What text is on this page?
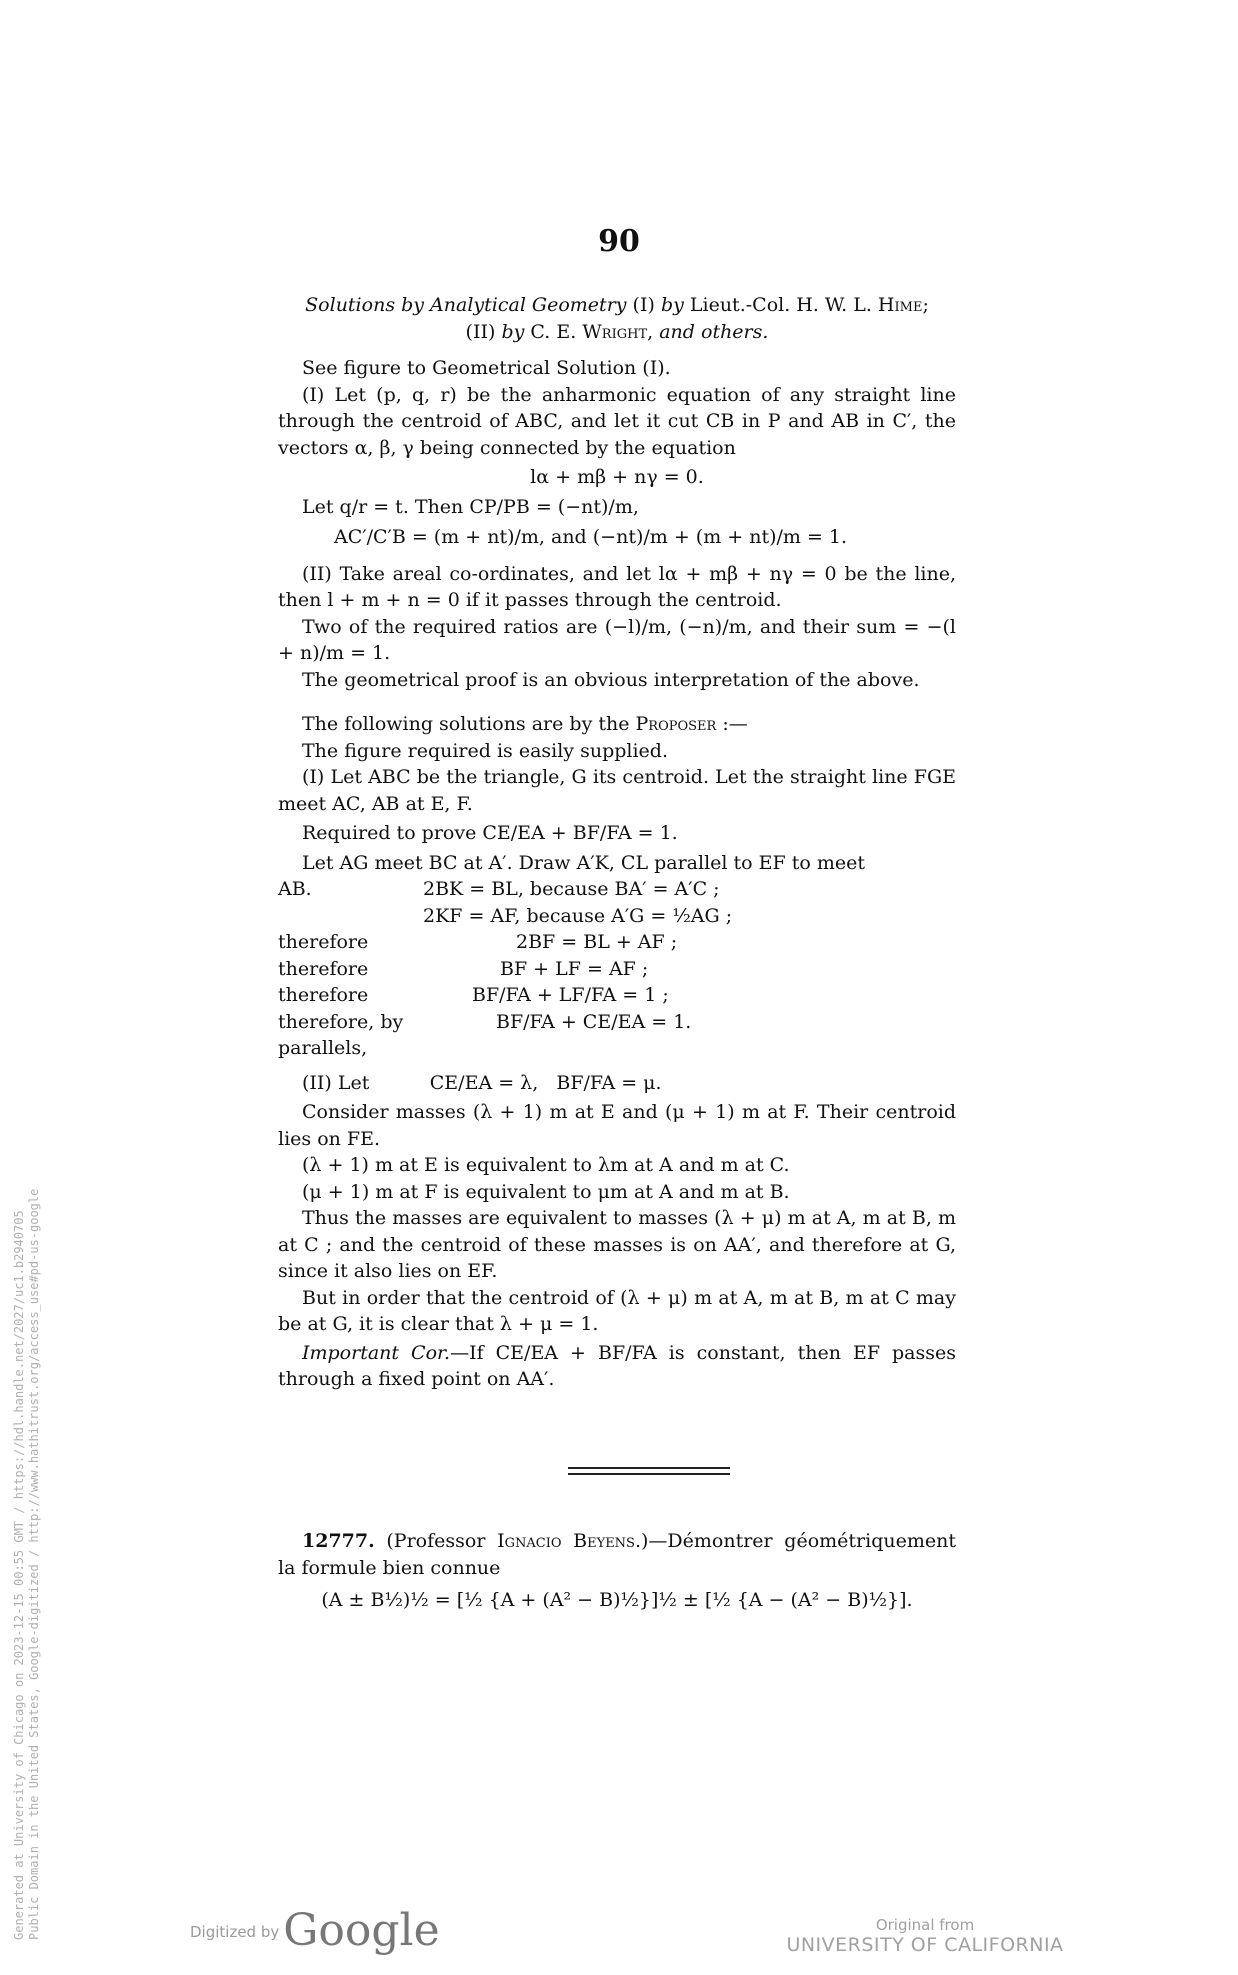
90

Solutions by Analytical Geometry (I) by Lieut.-Col. H. W. L. Hime;

(II) by C. E. Wright, and others.

See figure to Geometrical Solution (I).

(I) Let (p, q, r) be the anharmonic equation of any straight line through the centroid of ABC, and let it cut CB in P and AB in C′, the vectors α, β, γ being connected by the equation

lα + mβ + nγ = 0.

Let q/r = t. Then CP/PB = (−nt)/m,

AC′/C′B = (m + nt)/m, and (−nt)/m + (m + nt)/m = 1.

(II) Take areal co-ordinates, and let lα + mβ + nγ = 0 be the line, then l + m + n = 0 if it passes through the centroid.

Two of the required ratios are (−l)/m, (−n)/m, and their sum = −(l + n)/m = 1.

The geometrical proof is an obvious interpretation of the above.

The following solutions are by the Proposer :—

The figure required is easily supplied.

(I) Let ABC be the triangle, G its centroid. Let the straight line FGE meet AC, AB at E, F.

Required to prove CE/EA + BF/FA = 1.

Let AG meet BC at A′. Draw A′K, CL parallel to EF to meet

AB.	2BK = BL, because BA′ = A′C ;
2KF = AF, because A′G = ½AG ;
therefore	2BF = BL + AF ;
therefore	BF + LF = AF ;
therefore	BF/FA + LF/FA = 1 ;
therefore, by parallels,
BF/FA + CE/EA = 1.

(II) Let          CE/EA = λ,   BF/FA = μ.

Consider masses (λ + 1) m at E and (μ + 1) m at F. Their centroid lies on FE.

(λ + 1) m at E is equivalent to λm at A and m at C.

(μ + 1) m at F is equivalent to μm at A and m at B.

Thus the masses are equivalent to masses (λ + μ) m at A, m at B, m at C ; and the centroid of these masses is on AA′, and therefore at G, since it also lies on EF.

But in order that the centroid of (λ + μ) m at A, m at B, m at C may be at G, it is clear that λ + μ = 1.

Important Cor.—If CE/EA + BF/FA is constant, then EF passes through a fixed point on AA′.

12777. (Professor Ignacio Beyens.)—Démontrer géométriquement la formule bien connue

(A ± B½)½ = [½ {A + (A² − B)½}]½ ± [½ {A − (A² − B)½}].

Generated at University of Chicago on 2023-12-15 00:55 GMT / https://hdl.handle.net/2027/uc1.b2940705 Public Domain in the United States, Google-digitized / http://www.hathitrust.org/access_use#pd-us-google	Digitized byGoogle	Original from
UNIVERSITY OF CALIFORNIA
